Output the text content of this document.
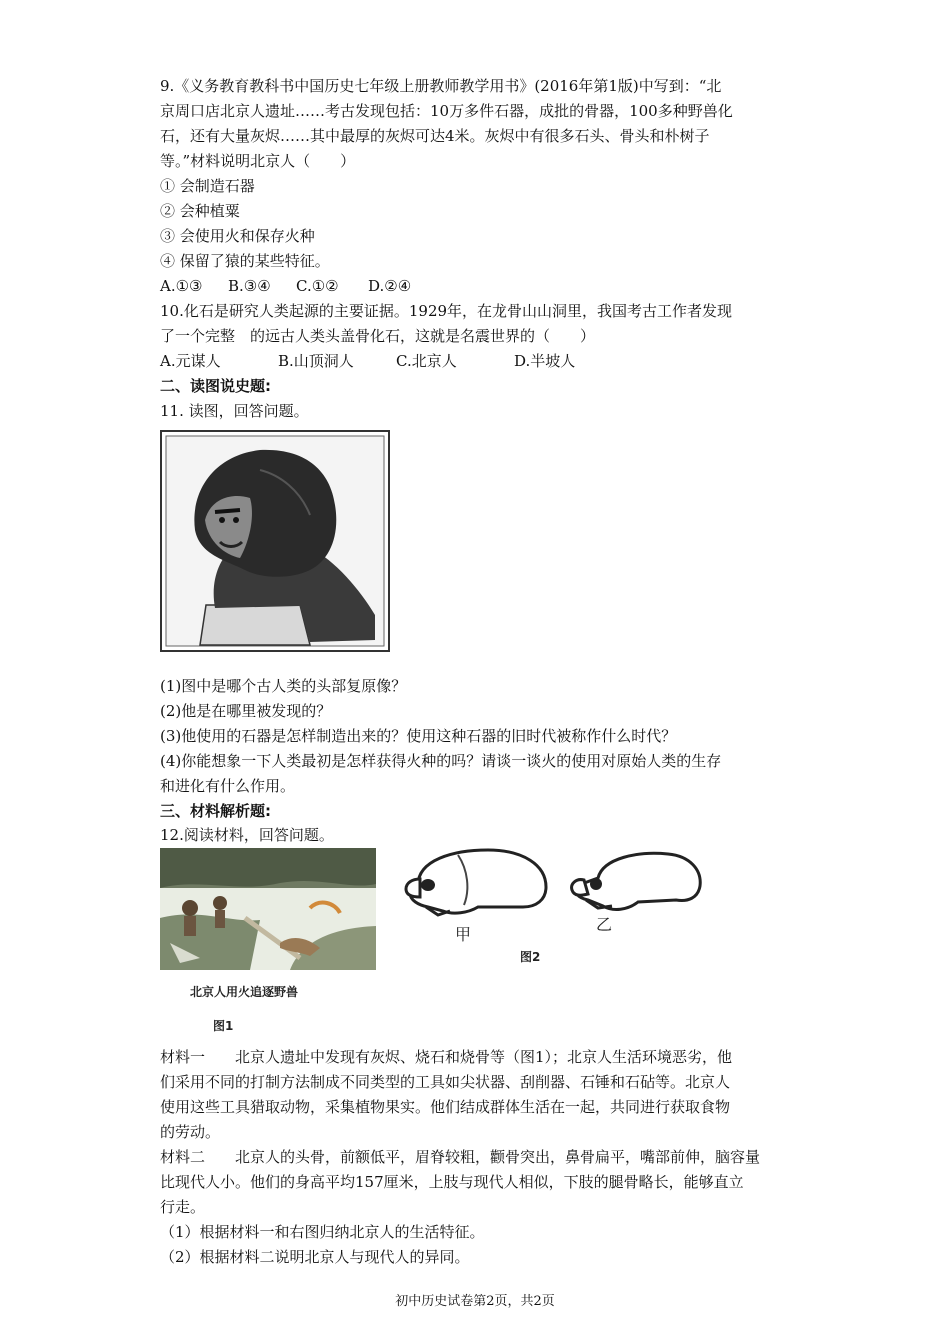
9.《义务教育教科书中国历史七年级上册教师教学用书》(2016年第1版)中写到：“北
京周口店北京人遗址……考古发现包括：10万多件石器，成批的骨器，100多种野兽化
石，还有大量灰烬……其中最厚的灰烬可达4米。灰烬中有很多石头、骨头和朴树子
等。”材料说明北京人（　　）
① 会制造石器
② 会种植粟
③ 会使用火和保存火种
④ 保留了猿的某些特征。
A.①③ B.③④ C.①② D.②④
10.化石是研究人类起源的主要证据。1929年，在龙骨山山洞里，我国考古工作者发现
了一个完整　的远古人类头盖骨化石，这就是名震世界的（　　）
A.元谋人	B.山顶洞人	C.北京人	D.半坡人
二、读图说史题:
11. 读图，回答问题。
(1)图中是哪个古人类的头部复原像？
(2)他是在哪里被发现的？
(3)他使用的石器是怎样制造出来的？使用这种石器的旧时代被称作什么时代？
(4)你能想象一下人类最初是怎样获得火种的吗？请谈一谈火的使用对原始人类的生存
和进化有什么作用。
三、材料解析题:
12.阅读材料，回答问题。
北京人用火追逐野兽
图1
甲
乙
图2
材料一　　北京人遗址中发现有灰烬、烧石和烧骨等（图1）；北京人生活环境恶劣，他
们采用不同的打制方法制成不同类型的工具如尖状器、刮削器、石锤和石砧等。北京人
使用这些工具猎取动物，采集植物果实。他们结成群体生活在一起，共同进行获取食物
的劳动。
材料二　　北京人的头骨，前额低平，眉脊较粗，颧骨突出，鼻骨扁平，嘴部前伸，脑容量
比现代人小。他们的身高平均157厘米，上肢与现代人相似，下肢的腿骨略长，能够直立
行走。
（1）根据材料一和右图归纳北京人的生活特征。
（2）根据材料二说明北京人与现代人的异同。
初中历史试卷第2页，共2页
